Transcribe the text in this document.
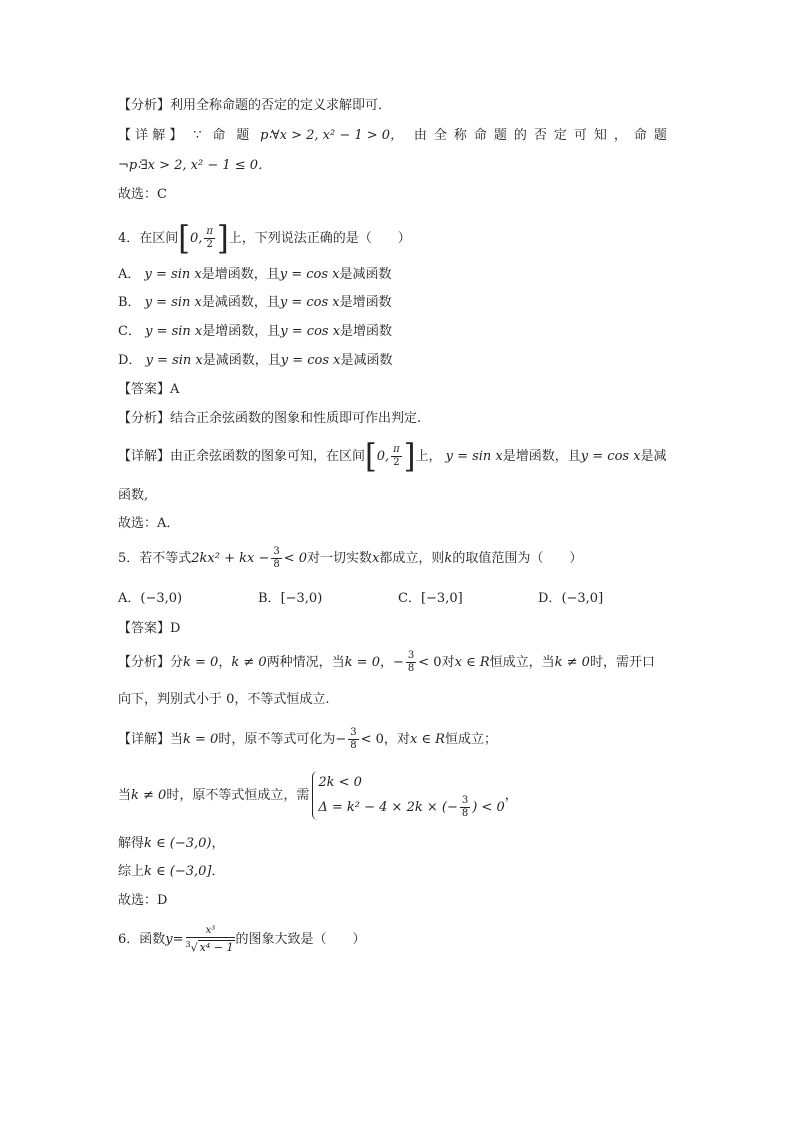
【分析】利用全称命题的否定的定义求解即可．
【 详 解 】 ∵ 命 题 p∶∀x > 2, x² − 1 > 0， 由全称命题的否定可知，命题
¬p∶∃x > 2, x² − 1 ≤ 0．
故选：C
4．在区间[0, $\frac{\pi}{2}$ ]上，下列说法正确的是（　　）
A． y = sin x是增函数，且y = cos x是减函数
B． y = sin x是减函数，且y = cos x是增函数
C． y = sin x是增函数，且y = cos x是增函数
D． y = sin x是减函数，且y = cos x是减函数
【答案】A
【分析】结合正余弦函数的图象和性质即可作出判定.
【详解】由正余弦函数的图象可知，在区间[0, $\frac{\pi}{2}$ ]上， y = sin x是增函数，且y = cos x是减
函数,
故选：A．
5．若不等式2kx² + kx − $\frac{3}{8} < 0$对一切实数x都成立，则k的取值范围为（　　）
A．(−3,0)	B．[−3,0)	C．[−3,0]	D．(−3,0]
【答案】D
【分析】分k = 0，k ≠ 0两种情况，当k = 0，− $\frac{3}{8} < 0$对x ∈ R恒成立，当k ≠ 0时，需开口
向下，判别式小于 0，不等式恒成立.
【详解】当k = 0时，原不等式可化为− $\frac{3}{8} < 0$，对x ∈ R恒成立；
当k ≠ 0时，原不等式恒成立，需
2k < 0
Δ = k² − 4 × 2k × (− $\frac{3}{8}$ ) < 0
，
解得k ∈ (−3,0)，
综上k ∈ (−3,0]．
故选：D
6．函数$y= \frac{\text{x³}}{^3√ x^4 - 1}$ 的图象大致是（　　）
